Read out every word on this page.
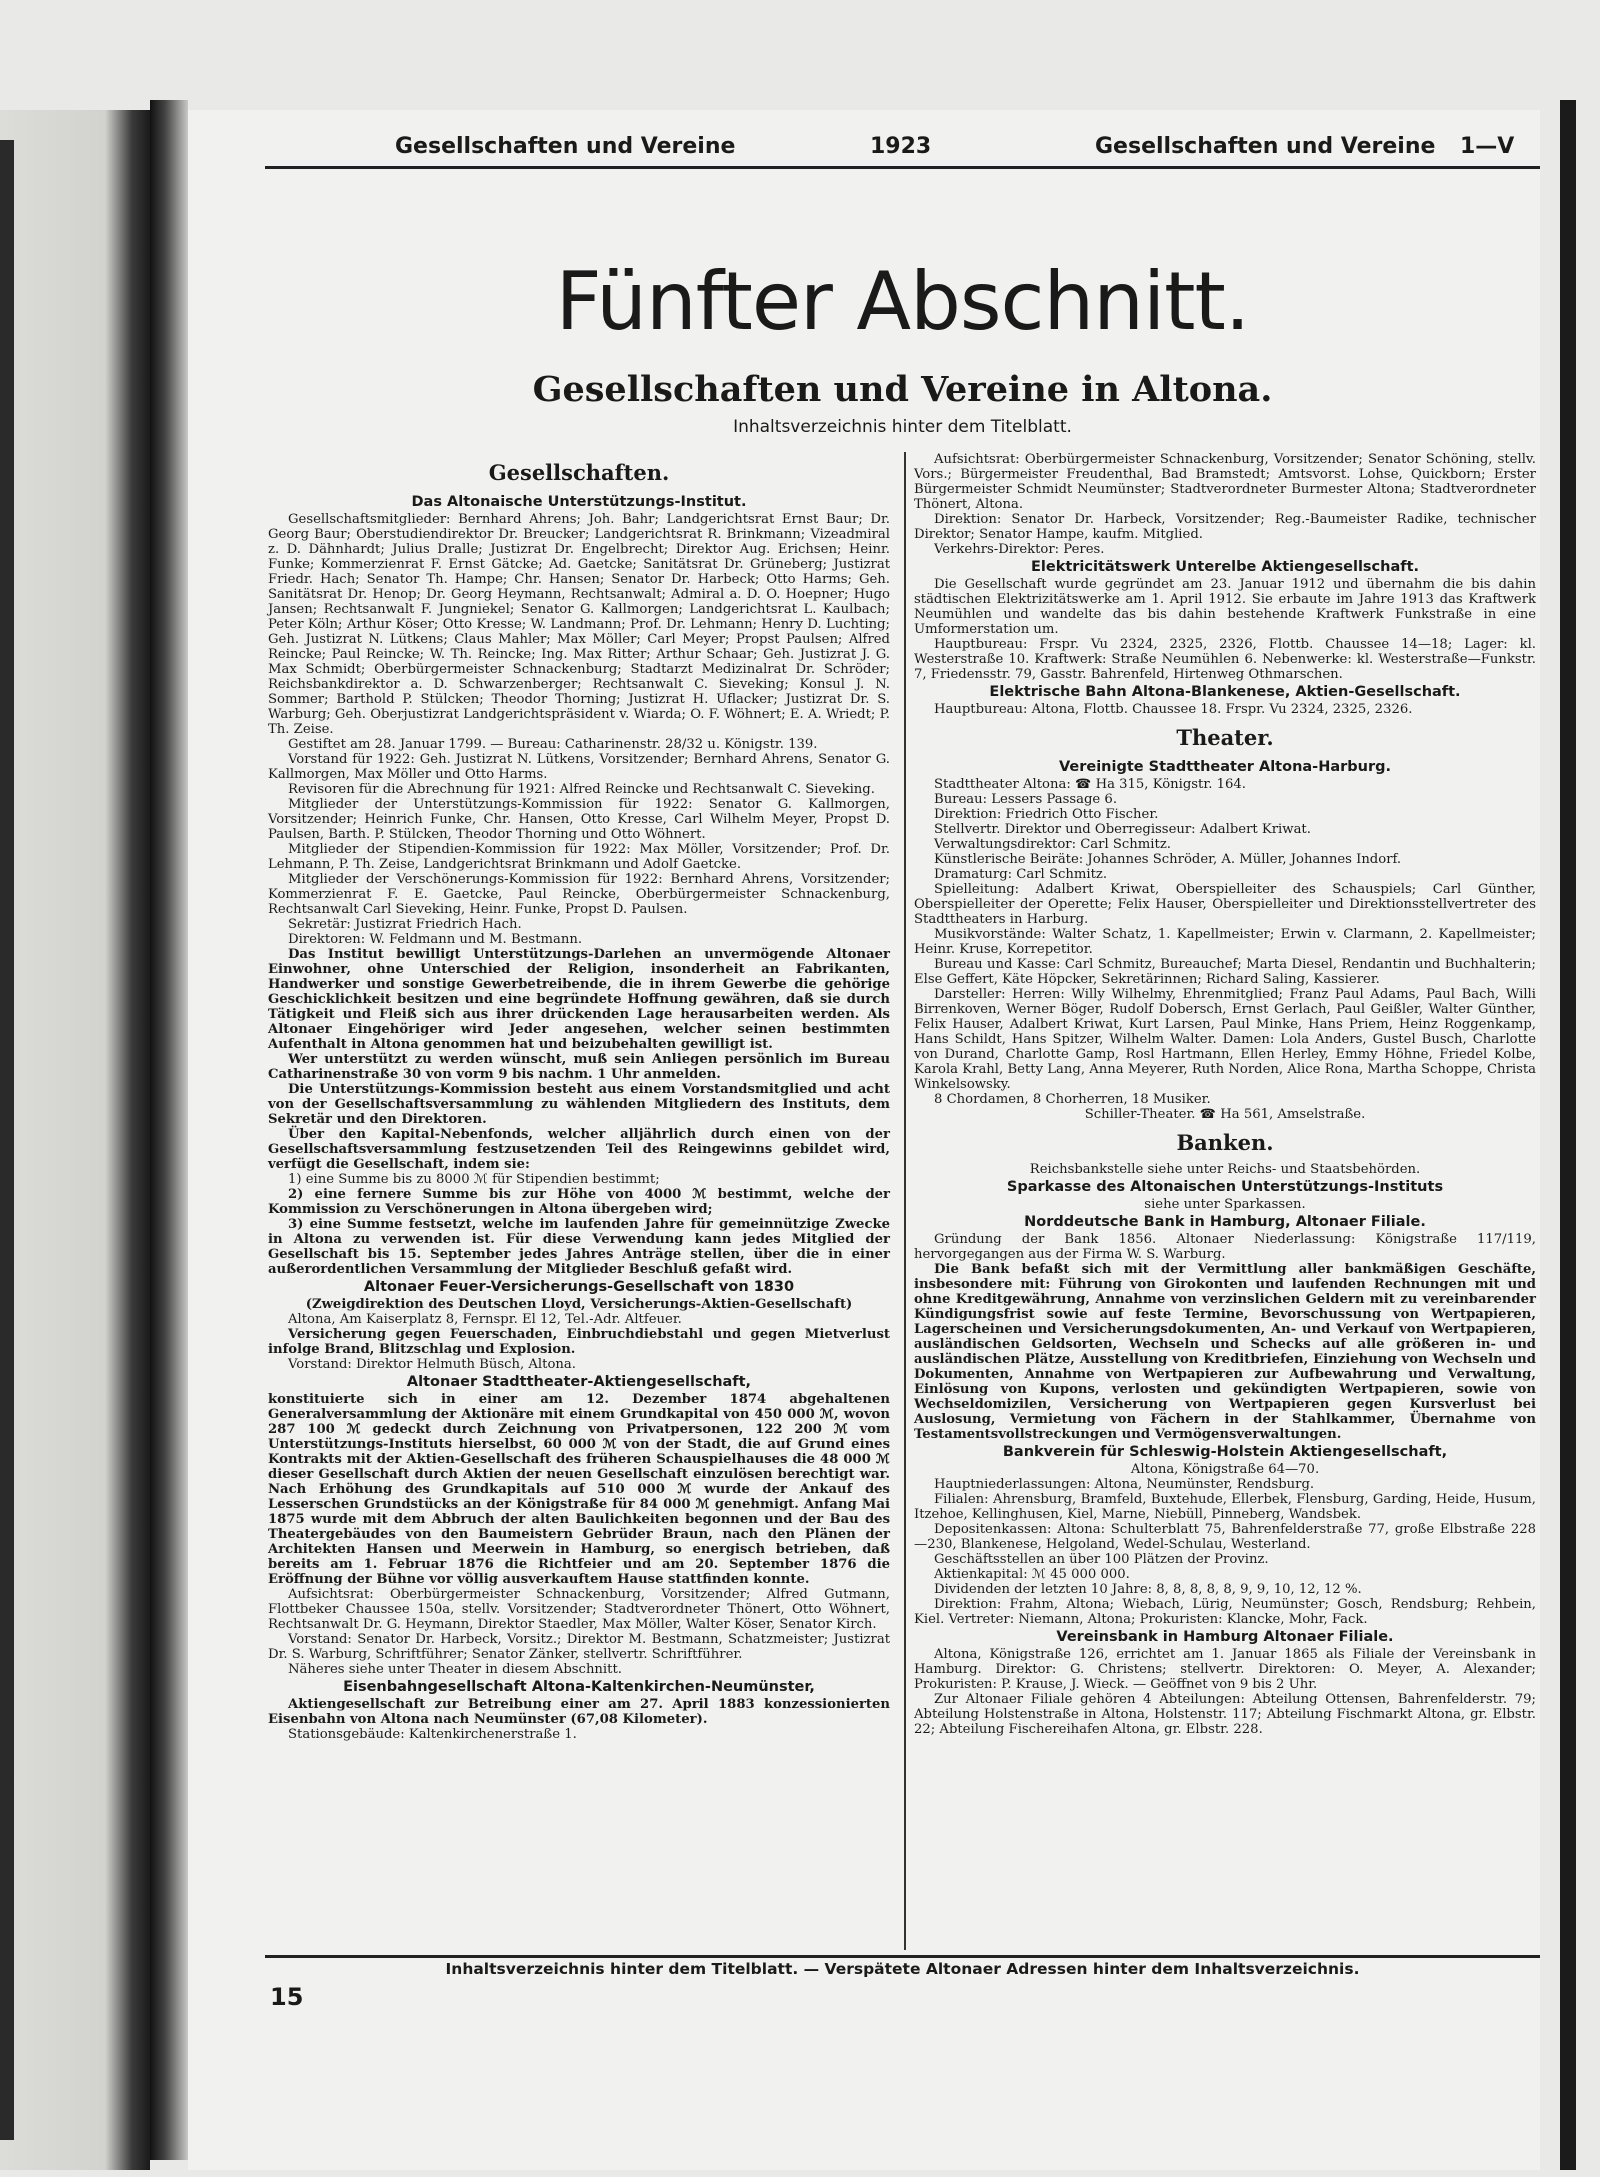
Gesellschaften und Vereine	1923	Gesellschaften und Vereine 1—V
Fünfter Abschnitt.
Gesellschaften und Vereine in Altona.
Inhaltsverzeichnis hinter dem Titelblatt.

Gesellschaften.

Das Altonaische Unterstützungs-Institut.

Gesellschaftsmitglieder: Bernhard Ahrens; Joh. Bahr; Landgerichtsrat Ernst Baur; Dr. Georg Baur; Oberstudiendirektor Dr. Breucker; Landgerichtsrat R. Brinkmann; Vizeadmiral z. D. Dähnhardt; Julius Dralle; Justizrat Dr. Engelbrecht; Direktor Aug. Erichsen; Heinr. Funke; Kommerzienrat F. Ernst Gätcke; Ad. Gaetcke; Sanitätsrat Dr. Grüneberg; Justizrat Friedr. Hach; Senator Th. Hampe; Chr. Hansen; Senator Dr. Harbeck; Otto Harms; Geh. Sanitätsrat Dr. Henop; Dr. Georg Heymann, Rechtsanwalt; Admiral a. D. O. Hoepner; Hugo Jansen; Rechtsanwalt F. Jungniekel; Senator G. Kallmorgen; Landgerichtsrat L. Kaulbach; Peter Köln; Arthur Köser; Otto Kresse; W. Landmann; Prof. Dr. Lehmann; Henry D. Luchting; Geh. Justizrat N. Lütkens; Claus Mahler; Max Möller; Carl Meyer; Propst Paulsen; Alfred Reincke; Paul Reincke; W. Th. Reincke; Ing. Max Ritter; Arthur Schaar; Geh. Justizrat J. G. Max Schmidt; Oberbürgermeister Schnackenburg; Stadtarzt Medizinalrat Dr. Schröder; Reichsbankdirektor a. D. Schwarzenberger; Rechtsanwalt C. Sieveking; Konsul J. N. Sommer; Barthold P. Stülcken; Theodor Thorning; Justizrat H. Uflacker; Justizrat Dr. S. Warburg; Geh. Oberjustizrat Landgerichtspräsident v. Wiarda; O. F. Wöhnert; E. A. Wriedt; P. Th. Zeise.

Gestiftet am 28. Januar 1799. — Bureau: Catharinenstr. 28/32 u. Königstr. 139.

Vorstand für 1922: Geh. Justizrat N. Lütkens, Vorsitzender; Bernhard Ahrens, Senator G. Kallmorgen, Max Möller und Otto Harms.

Revisoren für die Abrechnung für 1921: Alfred Reincke und Rechtsanwalt C. Sieveking.

Mitglieder der Unterstützungs-Kommission für 1922: Senator G. Kallmorgen, Vorsitzender; Heinrich Funke, Chr. Hansen, Otto Kresse, Carl Wilhelm Meyer, Propst D. Paulsen, Barth. P. Stülcken, Theodor Thorning und Otto Wöhnert.

Mitglieder der Stipendien-Kommission für 1922: Max Möller, Vorsitzender; Prof. Dr. Lehmann, P. Th. Zeise, Landgerichtsrat Brinkmann und Adolf Gaetcke.

Mitglieder der Verschönerungs-Kommission für 1922: Bernhard Ahrens, Vorsitzender; Kommerzienrat F. E. Gaetcke, Paul Reincke, Oberbürgermeister Schnackenburg, Rechtsanwalt Carl Sieveking, Heinr. Funke, Propst D. Paulsen.

Sekretär: Justizrat Friedrich Hach.

Direktoren: W. Feldmann und M. Bestmann.

Das Institut bewilligt Unterstützungs-Darlehen an unvermögende Altonaer Einwohner, ohne Unterschied der Religion, insonderheit an Fabrikanten, Handwerker und sonstige Gewerbetreibende, die in ihrem Gewerbe die gehörige Geschicklichkeit besitzen und eine begründete Hoffnung gewähren, daß sie durch Tätigkeit und Fleiß sich aus ihrer drückenden Lage herausarbeiten werden. Als Altonaer Eingehöriger wird Jeder angesehen, welcher seinen bestimmten Aufenthalt in Altona genommen hat und beizubehalten gewilligt ist.

Wer unterstützt zu werden wünscht, muß sein Anliegen persönlich im Bureau Catharinenstraße 30 von vorm 9 bis nachm. 1 Uhr anmelden.

Die Unterstützungs-Kommission besteht aus einem Vorstandsmitglied und acht von der Gesellschaftsversammlung zu wählenden Mitgliedern des Instituts, dem Sekretär und den Direktoren.

Über den Kapital-Nebenfonds, welcher alljährlich durch einen von der Gesellschaftsversammlung festzusetzenden Teil des Reingewinns gebildet wird, verfügt die Gesellschaft, indem sie:

1) eine Summe bis zu 8000 ℳ für Stipendien bestimmt;

2) eine fernere Summe bis zur Höhe von 4000 ℳ bestimmt, welche der Kommission zu Verschönerungen in Altona übergeben wird;

3) eine Summe festsetzt, welche im laufenden Jahre für gemeinnützige Zwecke in Altona zu verwenden ist. Für diese Verwendung kann jedes Mitglied der Gesellschaft bis 15. September jedes Jahres Anträge stellen, über die in einer außerordentlichen Versammlung der Mitglieder Beschluß gefaßt wird.

Altonaer Feuer-Versicherungs-Gesellschaft von 1830

(Zweigdirektion des Deutschen Lloyd, Versicherungs-Aktien-Gesellschaft)

Altona, Am Kaiserplatz 8, Fernspr. El 12, Tel.-Adr. Altfeuer.

Versicherung gegen Feuerschaden, Einbruchdiebstahl und gegen Mietverlust infolge Brand, Blitzschlag und Explosion.

Vorstand: Direktor Helmuth Büsch, Altona.

Altonaer Stadttheater-Aktiengesellschaft,

konstituierte sich in einer am 12. Dezember 1874 abgehaltenen Generalversammlung der Aktionäre mit einem Grundkapital von 450 000 ℳ, wovon 287 100 ℳ gedeckt durch Zeichnung von Privatpersonen, 122 200 ℳ vom Unterstützungs-Instituts hierselbst, 60 000 ℳ von der Stadt, die auf Grund eines Kontrakts mit der Aktien-Gesellschaft des früheren Schauspielhauses die 48 000 ℳ dieser Gesellschaft durch Aktien der neuen Gesellschaft einzulösen berechtigt war. Nach Erhöhung des Grundkapitals auf 510 000 ℳ wurde der Ankauf des Lesserschen Grundstücks an der Königstraße für 84 000 ℳ genehmigt. Anfang Mai 1875 wurde mit dem Abbruch der alten Baulichkeiten begonnen und der Bau des Theatergebäudes von den Baumeistern Gebrüder Braun, nach den Plänen der Architekten Hansen und Meerwein in Hamburg, so energisch betrieben, daß bereits am 1. Februar 1876 die Richtfeier und am 20. September 1876 die Eröffnung der Bühne vor völlig ausverkauftem Hause stattfinden konnte.

Aufsichtsrat: Oberbürgermeister Schnackenburg, Vorsitzender; Alfred Gutmann, Flottbeker Chaussee 150a, stellv. Vorsitzender; Stadtverordneter Thönert, Otto Wöhnert, Rechtsanwalt Dr. G. Heymann, Direktor Staedler, Max Möller, Walter Köser, Senator Kirch.

Vorstand: Senator Dr. Harbeck, Vorsitz.; Direktor M. Bestmann, Schatzmeister; Justizrat Dr. S. Warburg, Schriftführer; Senator Zänker, stellvertr. Schriftführer.

Näheres siehe unter Theater in diesem Abschnitt.

Eisenbahngesellschaft Altona-Kaltenkirchen-Neumünster,

Aktiengesellschaft zur Betreibung einer am 27. April 1883 konzessionierten Eisenbahn von Altona nach Neumünster (67,08 Kilometer).

Stationsgebäude: Kaltenkirchenerstraße 1.

Aufsichtsrat: Oberbürgermeister Schnackenburg, Vorsitzender; Senator Schöning, stellv. Vors.; Bürgermeister Freudenthal, Bad Bramstedt; Amtsvorst. Lohse, Quickborn; Erster Bürgermeister Schmidt Neumünster; Stadtverordneter Burmester Altona; Stadtverordneter Thönert, Altona.

Direktion: Senator Dr. Harbeck, Vorsitzender; Reg.-Baumeister Radike, technischer Direktor; Senator Hampe, kaufm. Mitglied.

Verkehrs-Direktor: Peres.

Elektricitätswerk Unterelbe Aktiengesellschaft.

Die Gesellschaft wurde gegründet am 23. Januar 1912 und übernahm die bis dahin städtischen Elektrizitätswerke am 1. April 1912. Sie erbaute im Jahre 1913 das Kraftwerk Neumühlen und wandelte das bis dahin bestehende Kraftwerk Funkstraße in eine Umformerstation um.

Hauptbureau: Frspr. Vu 2324, 2325, 2326, Flottb. Chaussee 14—18; Lager: kl. Westerstraße 10. Kraftwerk: Straße Neumühlen 6. Nebenwerke: kl. Westerstraße—Funkstr. 7, Friedensstr. 79, Gasstr. Bahrenfeld, Hirtenweg Othmarschen.

Elektrische Bahn Altona-Blankenese, Aktien-Gesellschaft.

Hauptbureau: Altona, Flottb. Chaussee 18. Frspr. Vu 2324, 2325, 2326.

Theater.

Vereinigte Stadttheater Altona-Harburg.

Stadttheater Altona: ☎ Ha 315, Königstr. 164.

Bureau: Lessers Passage 6.

Direktion: Friedrich Otto Fischer.

Stellvertr. Direktor und Oberregisseur: Adalbert Kriwat.

Verwaltungsdirektor: Carl Schmitz.

Künstlerische Beiräte: Johannes Schröder, A. Müller, Johannes Indorf.

Dramaturg: Carl Schmitz.

Spielleitung: Adalbert Kriwat, Oberspielleiter des Schauspiels; Carl Günther, Oberspielleiter der Operette; Felix Hauser, Oberspielleiter und Direktionsstellvertreter des Stadttheaters in Harburg.

Musikvorstände: Walter Schatz, 1. Kapellmeister; Erwin v. Clarmann, 2. Kapellmeister; Heinr. Kruse, Korrepetitor.

Bureau und Kasse: Carl Schmitz, Bureauchef; Marta Diesel, Rendantin und Buchhalterin; Else Geffert, Käte Höpcker, Sekretärinnen; Richard Saling, Kassierer.

Darsteller: Herren: Willy Wilhelmy, Ehrenmitglied; Franz Paul Adams, Paul Bach, Willi Birrenkoven, Werner Böger, Rudolf Dobersch, Ernst Gerlach, Paul Geißler, Walter Günther, Felix Hauser, Adalbert Kriwat, Kurt Larsen, Paul Minke, Hans Priem, Heinz Roggenkamp, Hans Schildt, Hans Spitzer, Wilhelm Walter. Damen: Lola Anders, Gustel Busch, Charlotte von Durand, Charlotte Gamp, Rosl Hartmann, Ellen Herley, Emmy Höhne, Friedel Kolbe, Karola Krahl, Betty Lang, Anna Meyerer, Ruth Norden, Alice Rona, Martha Schoppe, Christa Winkelsowsky.

8 Chordamen, 8 Chorherren, 18 Musiker.

Schiller-Theater. ☎ Ha 561, Amselstraße.

Banken.

Reichsbankstelle siehe unter Reichs- und Staatsbehörden.

Sparkasse des Altonaischen Unterstützungs-Instituts

siehe unter Sparkassen.

Norddeutsche Bank in Hamburg, Altonaer Filiale.

Gründung der Bank 1856. Altonaer Niederlassung: Königstraße 117/119, hervorgegangen aus der Firma W. S. Warburg.

Die Bank befaßt sich mit der Vermittlung aller bankmäßigen Geschäfte, insbesondere mit: Führung von Girokonten und laufenden Rechnungen mit und ohne Kreditgewährung, Annahme von verzinslichen Geldern mit zu vereinbarender Kündigungsfrist sowie auf feste Termine, Bevorschussung von Wertpapieren, Lagerscheinen und Versicherungsdokumenten, An- und Verkauf von Wertpapieren, ausländischen Geldsorten, Wechseln und Schecks auf alle größeren in- und ausländischen Plätze, Ausstellung von Kreditbriefen, Einziehung von Wechseln und Dokumenten, Annahme von Wertpapieren zur Aufbewahrung und Verwaltung, Einlösung von Kupons, verlosten und gekündigten Wertpapieren, sowie von Wechseldomizilen, Versicherung von Wertpapieren gegen Kursverlust bei Auslosung, Vermietung von Fächern in der Stahlkammer, Übernahme von Testamentsvollstreckungen und Vermögensverwaltungen.

Bankverein für Schleswig-Holstein Aktiengesellschaft,

Altona, Königstraße 64—70.

Hauptniederlassungen: Altona, Neumünster, Rendsburg.

Filialen: Ahrensburg, Bramfeld, Buxtehude, Ellerbek, Flensburg, Garding, Heide, Husum, Itzehoe, Kellinghusen, Kiel, Marne, Niebüll, Pinneberg, Wandsbek.

Depositenkassen: Altona: Schulterblatt 75, Bahrenfelderstraße 77, große Elbstraße 228—230, Blankenese, Helgoland, Wedel-Schulau, Westerland.

Geschäftsstellen an über 100 Plätzen der Provinz.

Aktienkapital: ℳ 45 000 000.

Dividenden der letzten 10 Jahre: 8, 8, 8, 8, 8, 9, 9, 10, 12, 12 %.

Direktion: Frahm, Altona; Wiebach, Lürig, Neumünster; Gosch, Rendsburg; Rehbein, Kiel. Vertreter: Niemann, Altona; Prokuristen: Klancke, Mohr, Fack.

Vereinsbank in Hamburg Altonaer Filiale.

Altona, Königstraße 126, errichtet am 1. Januar 1865 als Filiale der Vereinsbank in Hamburg. Direktor: G. Christens; stellvertr. Direktoren: O. Meyer, A. Alexander; Prokuristen: P. Krause, J. Wieck. — Geöffnet von 9 bis 2 Uhr.

Zur Altonaer Filiale gehören 4 Abteilungen: Abteilung Ottensen, Bahrenfelderstr. 79; Abteilung Holstenstraße in Altona, Holstenstr. 117; Abteilung Fischmarkt Altona, gr. Elbstr. 22; Abteilung Fischereihafen Altona, gr. Elbstr. 228.

Inhaltsverzeichnis hinter dem Titelblatt. — Verspätete Altonaer Adressen hinter dem Inhaltsverzeichnis.
15
